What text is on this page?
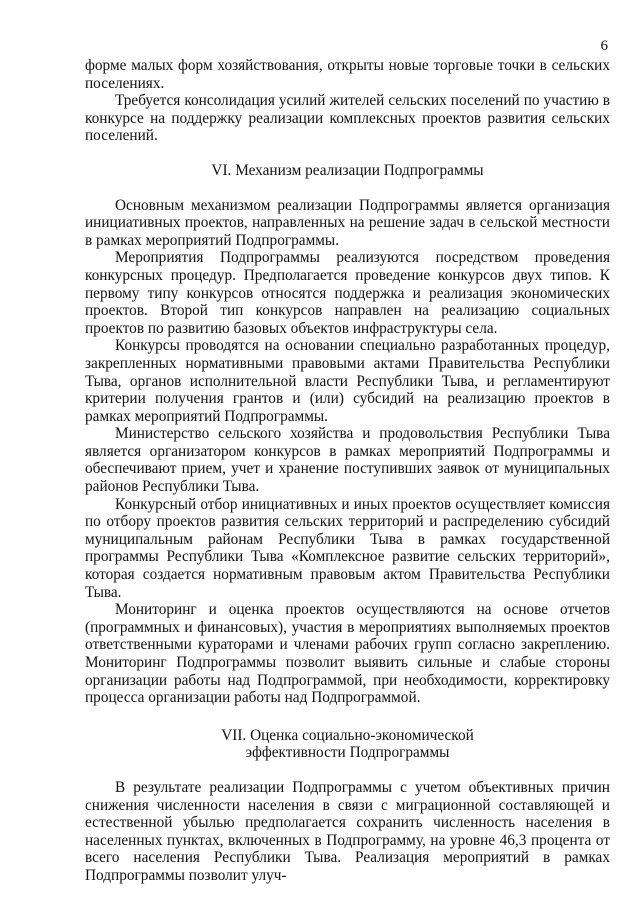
6

форме малых форм хозяйствования, открыты новые торговые точки в сельских поселениях.

Требуется консолидация усилий жителей сельских поселений по участию в конкурсе на поддержку реализации комплексных проектов развития сельских поселений.

VI. Механизм реализации Подпрограммы

Основным механизмом реализации Подпрограммы является организация инициативных проектов, направленных на решение задач в сельской местности в рамках мероприятий Подпрограммы.

Мероприятия Подпрограммы реализуются посредством проведения конкурсных процедур. Предполагается проведение конкурсов двух типов. К первому типу конкурсов относятся поддержка и реализация экономических проектов. Второй тип конкурсов направлен на реализацию социальных проектов по развитию базовых объектов инфраструктуры села.

Конкурсы проводятся на основании специально разработанных процедур, закрепленных нормативными правовыми актами Правительства Республики Тыва, органов исполнительной власти Республики Тыва, и регламентируют критерии получения грантов и (или) субсидий на реализацию проектов в рамках мероприятий Подпрограммы.

Министерство сельского хозяйства и продовольствия Республики Тыва является организатором конкурсов в рамках мероприятий Подпрограммы и обеспечивают прием, учет и хранение поступивших заявок от муниципальных районов Республики Тыва.

Конкурсный отбор инициативных и иных проектов осуществляет комиссия по отбору проектов развития сельских территорий и распределению субсидий муниципальным районам Республики Тыва в рамках государственной программы Республики Тыва «Комплексное развитие сельских территорий», которая создается нормативным правовым актом Правительства Республики Тыва.

Мониторинг и оценка проектов осуществляются на основе отчетов (программных и финансовых), участия в мероприятиях выполняемых проектов ответственными кураторами и членами рабочих групп согласно закреплению. Мониторинг Подпрограммы позволит выявить сильные и слабые стороны организации работы над Подпрограммой, при необходимости, корректировку процесса организации работы над Подпрограммой.

VII. Оценка социально-экономической

эффективности Подпрограммы

В результате реализации Подпрограммы с учетом объективных причин снижения численности населения в связи с миграционной составляющей и естественной убылью предполагается сохранить численность населения в населенных пунктах, включенных в Подпрограмму, на уровне 46,3 процента от всего населения Республики Тыва. Реализация мероприятий в рамках Подпрограммы позволит улуч-
